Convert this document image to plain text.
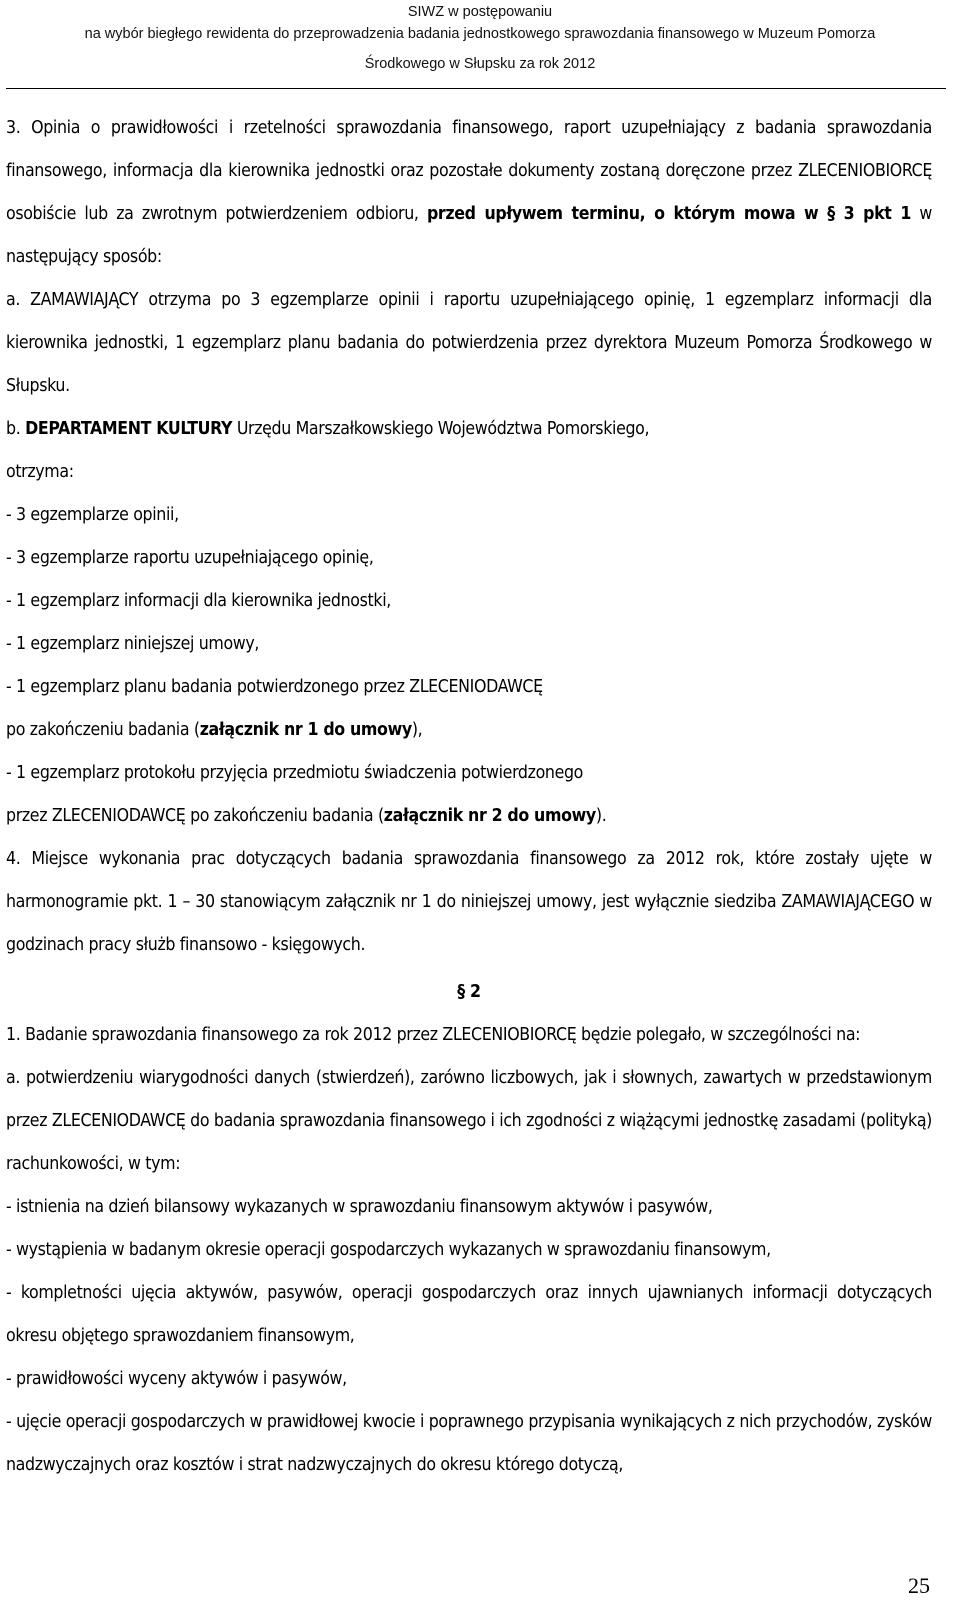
SIWZ w postępowaniu
na wybór biegłego rewidenta do przeprowadzenia badania jednostkowego sprawozdania finansowego w Muzeum Pomorza
Środkowego w Słupsku za rok 2012

3. Opinia o prawidłowości i rzetelności sprawozdania finansowego, raport uzupełniający z badania sprawozdania finansowego, informacja dla kierownika jednostki oraz pozostałe dokumenty zostaną doręczone przez ZLECENIOBIORCĘ osobiście lub za zwrotnym potwierdzeniem odbioru, przed upływem terminu, o którym mowa w § 3 pkt 1 w następujący sposób:

a. ZAMAWIAJĄCY otrzyma po 3 egzemplarze opinii i raportu uzupełniającego opinię, 1 egzemplarz informacji dla kierownika jednostki, 1 egzemplarz planu badania do potwierdzenia przez dyrektora Muzeum Pomorza Środkowego w Słupsku.

b. DEPARTAMENT KULTURY Urzędu Marszałkowskiego Województwa Pomorskiego, otrzyma:

- 3 egzemplarze opinii,

- 3 egzemplarze raportu uzupełniającego opinię,

- 1 egzemplarz informacji dla kierownika jednostki,

- 1 egzemplarz niniejszej umowy,

- 1 egzemplarz planu badania potwierdzonego przez ZLECENIODAWCĘ

po zakończeniu badania (załącznik nr 1 do umowy),

- 1 egzemplarz protokołu przyjęcia przedmiotu świadczenia potwierdzonego

przez ZLECENIODAWCĘ po zakończeniu badania (załącznik nr 2 do umowy).

4. Miejsce wykonania prac dotyczących badania sprawozdania finansowego za 2012 rok, które zostały ujęte w harmonogramie pkt. 1 – 30 stanowiącym załącznik nr 1 do niniejszej umowy, jest wyłącznie siedziba ZAMAWIAJĄCEGO w godzinach pracy służb finansowo - księgowych.

§ 2

1. Badanie sprawozdania finansowego za rok 2012 przez ZLECENIOBIORCĘ będzie polegało, w szczególności na:

a. potwierdzeniu wiarygodności danych (stwierdzeń), zarówno liczbowych, jak i słownych, zawartych w przedstawionym przez ZLECENIODAWCĘ do badania sprawozdania finansowego i ich zgodności z wiążącymi jednostkę zasadami (polityką) rachunkowości, w tym:

- istnienia na dzień bilansowy wykazanych w sprawozdaniu finansowym aktywów i pasywów,

- wystąpienia w badanym okresie operacji gospodarczych wykazanych w sprawozdaniu finansowym,

- kompletności ujęcia aktywów, pasywów, operacji gospodarczych oraz innych ujawnianych informacji dotyczących okresu objętego sprawozdaniem finansowym,

- prawidłowości wyceny aktywów i pasywów,

- ujęcie operacji gospodarczych w prawidłowej kwocie i poprawnego przypisania wynikających z nich przychodów, zysków nadzwyczajnych oraz kosztów i strat nadzwyczajnych do okresu którego dotyczą,

25
